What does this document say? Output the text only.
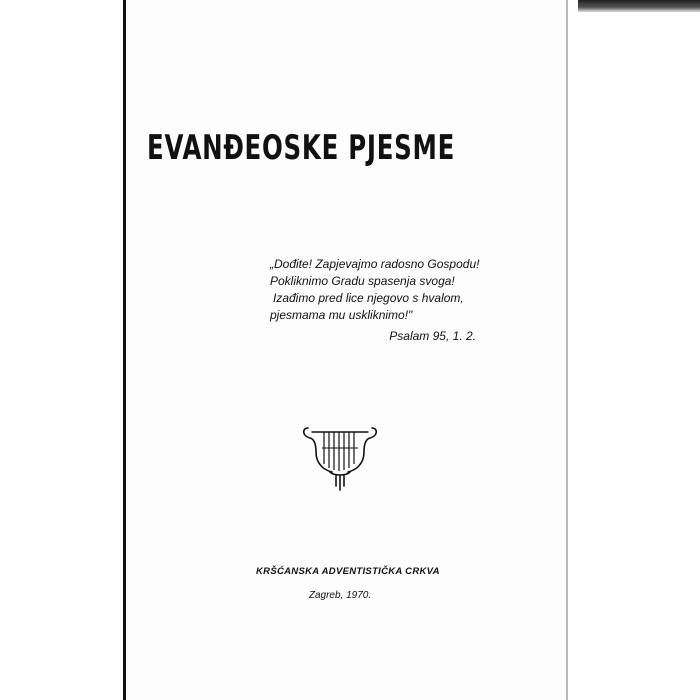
EVANĐEOSKE PJESME
„Dođite! Zapjevajmo radosno Gospodu!
Pokliknimo Gradu spasenja svoga!
Izađimo pred lice njegovo s hvalom,
pjesmama mu uskliknimo!"
Psalam 95, 1. 2.
KRŠĆANSKA ADVENTISTIČKA CRKVA
Zagreb, 1970.
